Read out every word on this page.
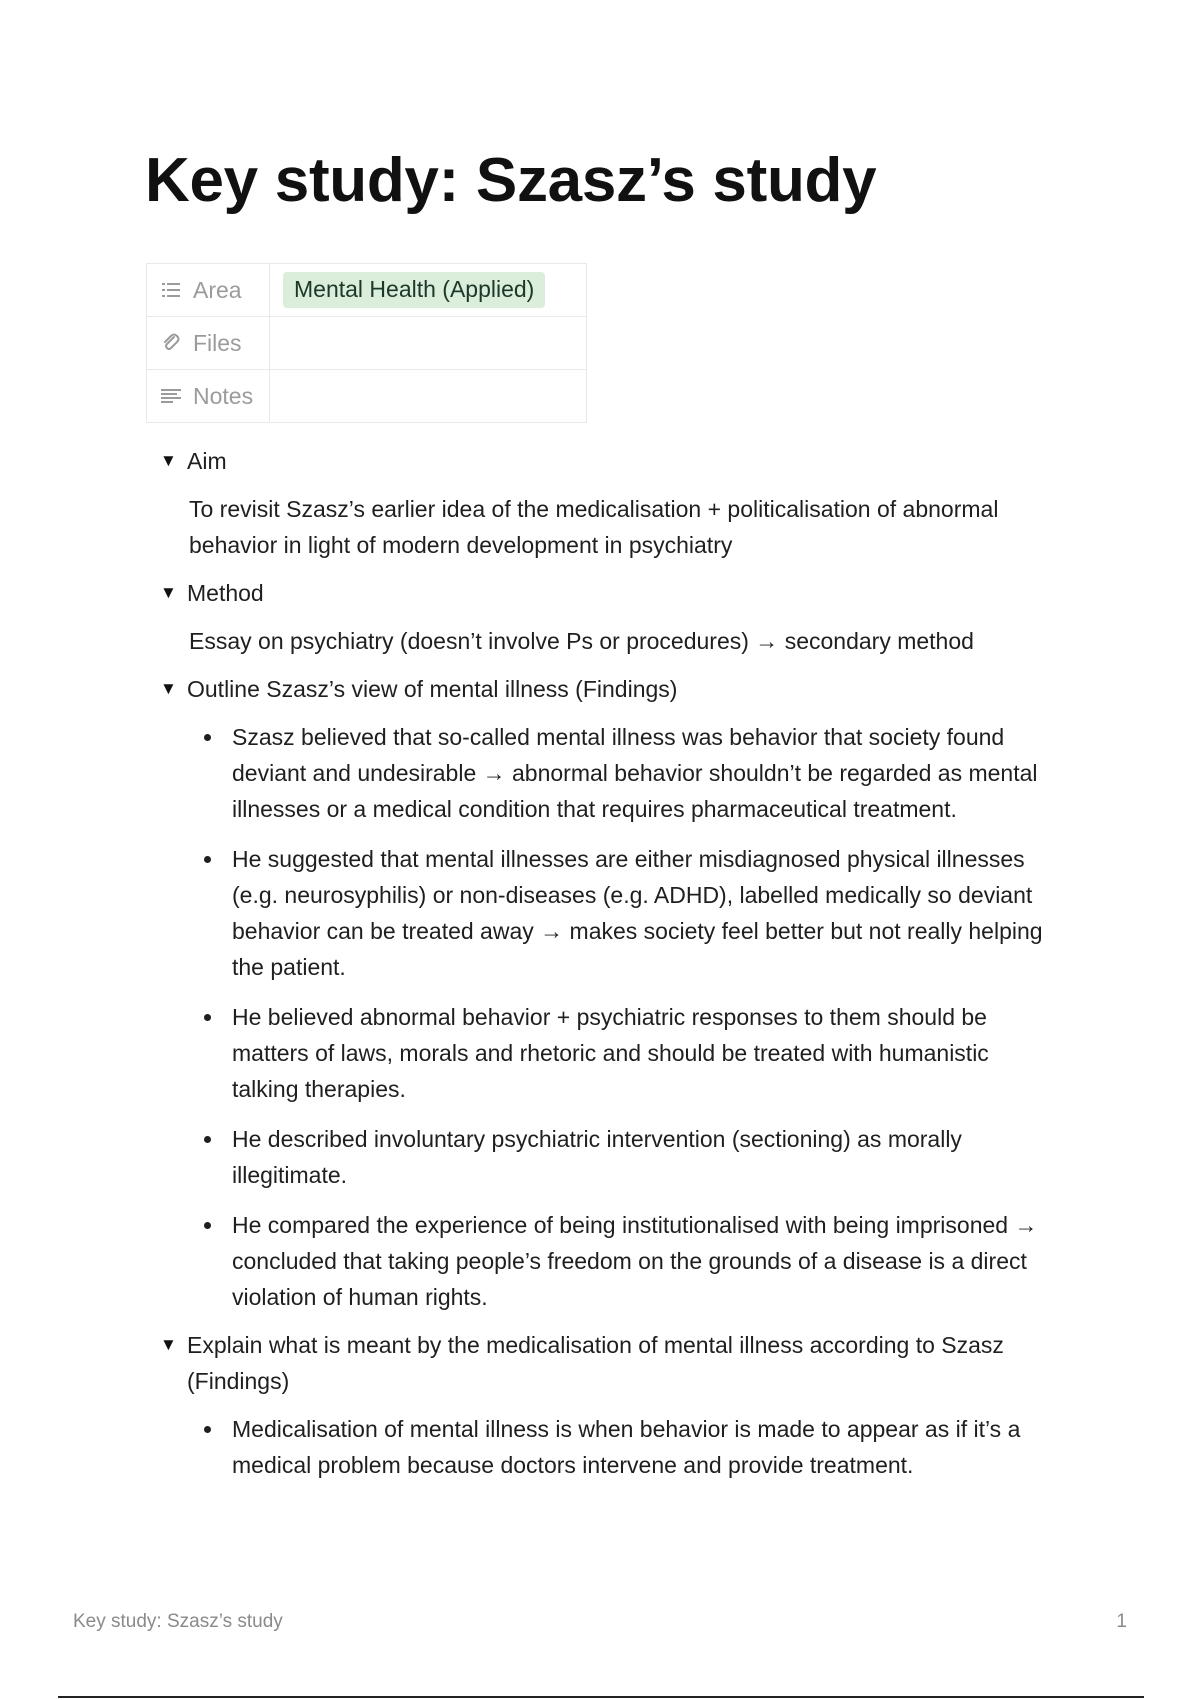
Key study: Szasz’s study
Area	Mental Health (Applied)

Files	

Notes	

▼ Aim

To revisit Szasz’s earlier idea of the medicalisation + politicalisation of abnormal behavior in light of modern development in psychiatry

▼ Method

Essay on psychiatry (doesn’t involve Ps or procedures) → secondary method

▼ Outline Szasz’s view of mental illness (Findings)
Szasz believed that so-called mental illness was behavior that society found deviant and undesirable → abnormal behavior shouldn’t be regarded as mental illnesses or a medical condition that requires pharmaceutical treatment.
He suggested that mental illnesses are either misdiagnosed physical illnesses (e.g. neurosyphilis) or non-diseases (e.g. ADHD), labelled medically so deviant behavior can be treated away → makes society feel better but not really helping the patient.
He believed abnormal behavior + psychiatric responses to them should be matters of laws, morals and rhetoric and should be treated with humanistic talking therapies.
He described involuntary psychiatric intervention (sectioning) as morally illegitimate.
He compared the experience of being institutionalised with being imprisoned → concluded that taking people’s freedom on the grounds of a disease is a direct violation of human rights.
▼ Explain what is meant by the medicalisation of mental illness according to Szasz (Findings)
Medicalisation of mental illness is when behavior is made to appear as if it’s a medical problem because doctors intervene and provide treatment.
Key study: Szasz’s study	1
